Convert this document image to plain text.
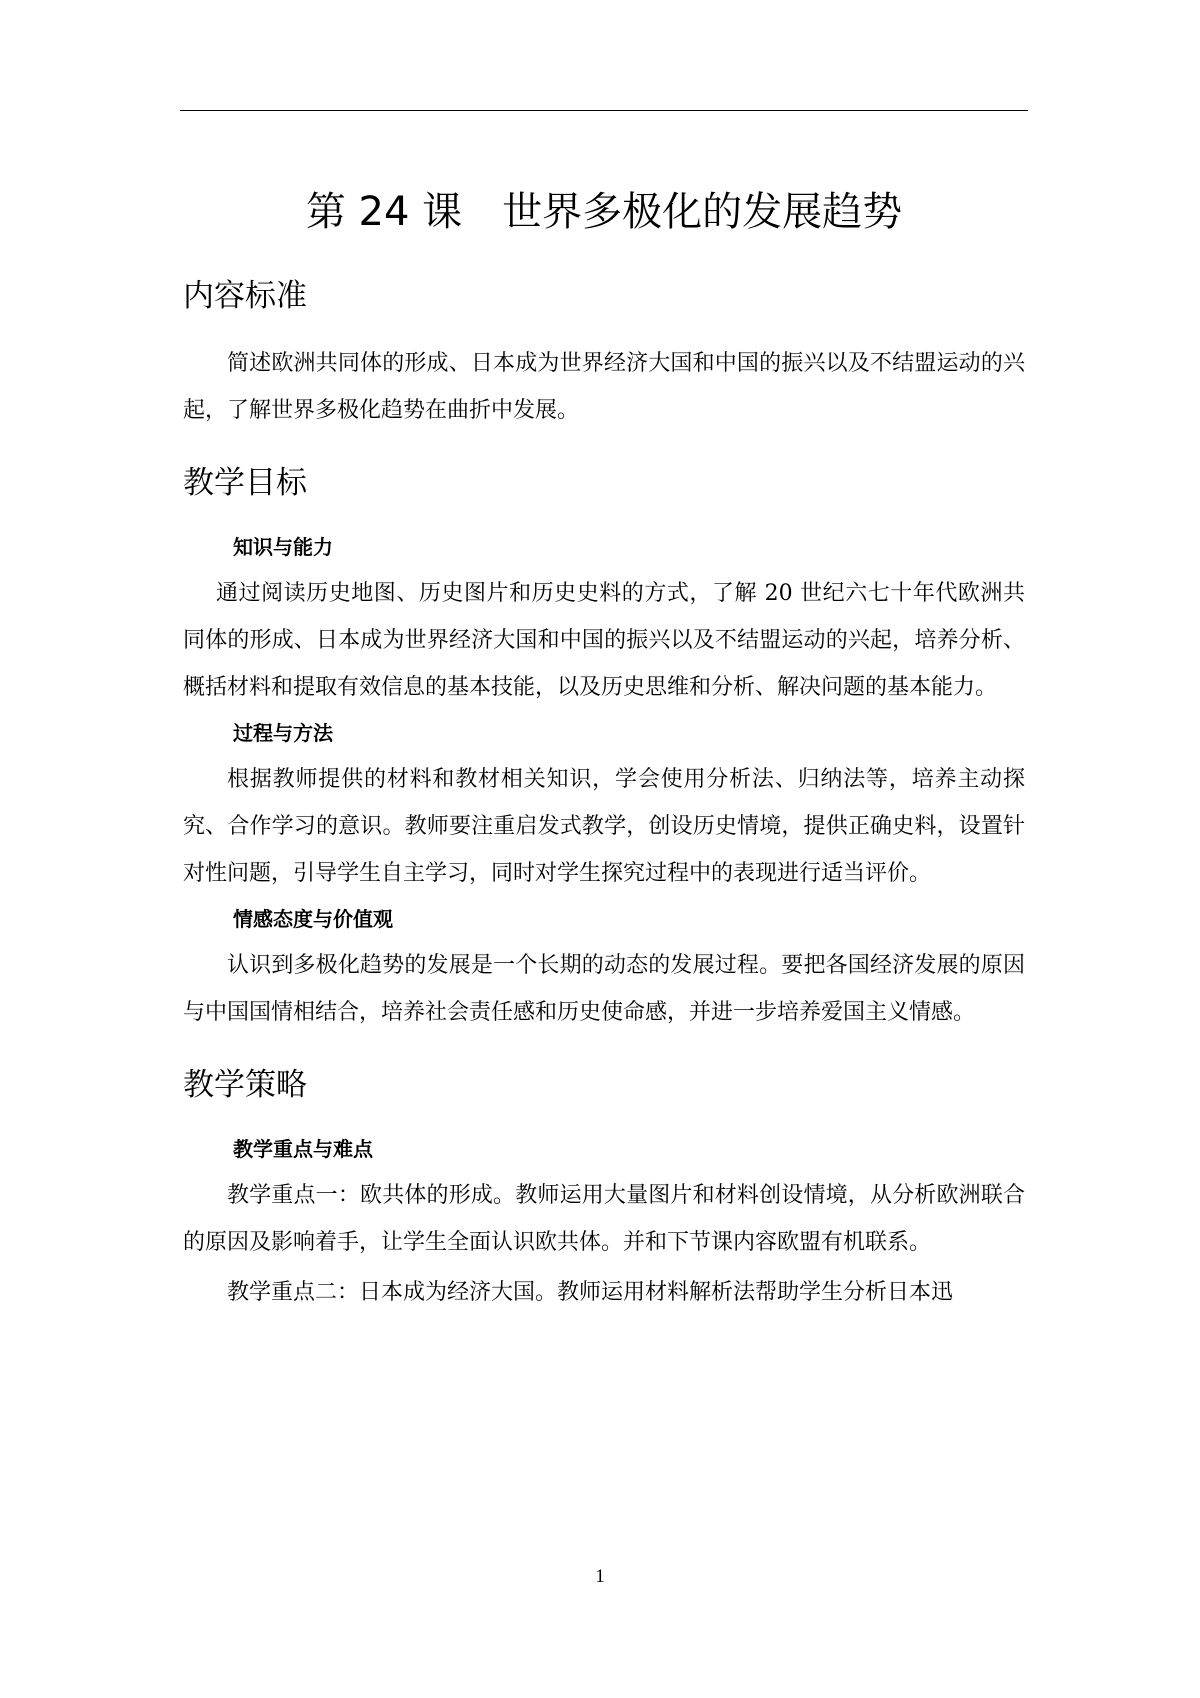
第 24 课　世界多极化的发展趋势
内容标准

简述欧洲共同体的形成、日本成为世界经济大国和中国的振兴以及不结盟运动的兴起，了解世界多极化趋势在曲折中发展。

教学目标
知识与能力

通过阅读历史地图、历史图片和历史史料的方式，了解 20 世纪六七十年代欧洲共同体的形成、日本成为世界经济大国和中国的振兴以及不结盟运动的兴起，培养分析、概括材料和提取有效信息的基本技能，以及历史思维和分析、解决问题的基本能力。

过程与方法

根据教师提供的材料和教材相关知识，学会使用分析法、归纳法等，培养主动探究、合作学习的意识。教师要注重启发式教学，创设历史情境，提供正确史料，设置针对性问题，引导学生自主学习，同时对学生探究过程中的表现进行适当评价。

情感态度与价值观

认识到多极化趋势的发展是一个长期的动态的发展过程。要把各国经济发展的原因与中国国情相结合，培养社会责任感和历史使命感，并进一步培养爱国主义情感。

教学策略
教学重点与难点

教学重点一：欧共体的形成。教师运用大量图片和材料创设情境，从分析欧洲联合的原因及影响着手，让学生全面认识欧共体。并和下节课内容欧盟有机联系。

教学重点二：日本成为经济大国。教师运用材料解析法帮助学生分析日本迅

1
